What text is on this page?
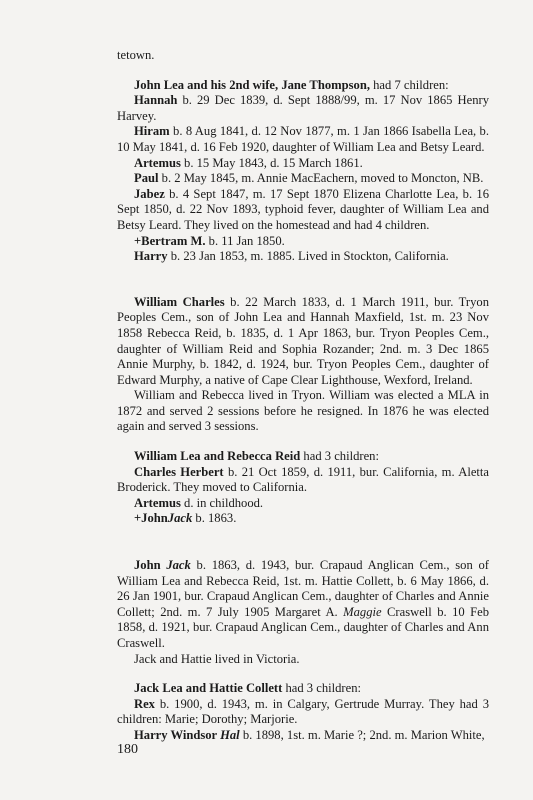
tetown.

John Lea and his 2nd wife, Jane Thompson, had 7 children:

Hannah b. 29 Dec 1839, d. Sept 1888/99, m. 17 Nov 1865 Henry Harvey.

Hiram b. 8 Aug 1841, d. 12 Nov 1877, m. 1 Jan 1866 Isabella Lea, b. 10 May 1841, d. 16 Feb 1920, daughter of William Lea and Betsy Leard.

Artemus b. 15 May 1843, d. 15 March 1861.

Paul b. 2 May 1845, m. Annie MacEachern, moved to Moncton, NB.

Jabez b. 4 Sept 1847, m. 17 Sept 1870 Elizena Charlotte Lea, b. 16 Sept 1850, d. 22 Nov 1893, typhoid fever, daughter of William Lea and Betsy Leard. They lived on the homestead and had 4 children.

+Bertram M. b. 11 Jan 1850.

Harry b. 23 Jan 1853, m. 1885. Lived in Stockton, California.

William Charles b. 22 March 1833, d. 1 March 1911, bur. Tryon Peoples Cem., son of John Lea and Hannah Maxfield, 1st. m. 23 Nov 1858 Rebecca Reid, b. 1835, d. 1 Apr 1863, bur. Tryon Peoples Cem., daughter of William Reid and Sophia Rozander; 2nd. m. 3 Dec 1865 Annie Murphy, b. 1842, d. 1924, bur. Tryon Peoples Cem., daughter of Edward Murphy, a native of Cape Clear Lighthouse, Wexford, Ireland.

William and Rebecca lived in Tryon. William was elected a MLA in 1872 and served 2 sessions before he resigned. In 1876 he was elected again and served 3 sessions.

William Lea and Rebecca Reid had 3 children:

Charles Herbert b. 21 Oct 1859, d. 1911, bur. California, m. Aletta Broderick. They moved to California.

Artemus d. in childhood.

+JohnJack b. 1863.

John Jack b. 1863, d. 1943, bur. Crapaud Anglican Cem., son of William Lea and Rebecca Reid, 1st. m. Hattie Collett, b. 6 May 1866, d. 26 Jan 1901, bur. Crapaud Anglican Cem., daughter of Charles and Annie Collett; 2nd. m. 7 July 1905 Margaret A. Maggie Craswell b. 10 Feb 1858, d. 1921, bur. Crapaud Anglican Cem., daughter of Charles and Ann Craswell.

Jack and Hattie lived in Victoria.

Jack Lea and Hattie Collett had 3 children:

Rex b. 1900, d. 1943, m. in Calgary, Gertrude Murray. They had 3 children: Marie; Dorothy; Marjorie.

Harry Windsor Hal b. 1898, 1st. m. Marie ?; 2nd. m. Marion White,

180
